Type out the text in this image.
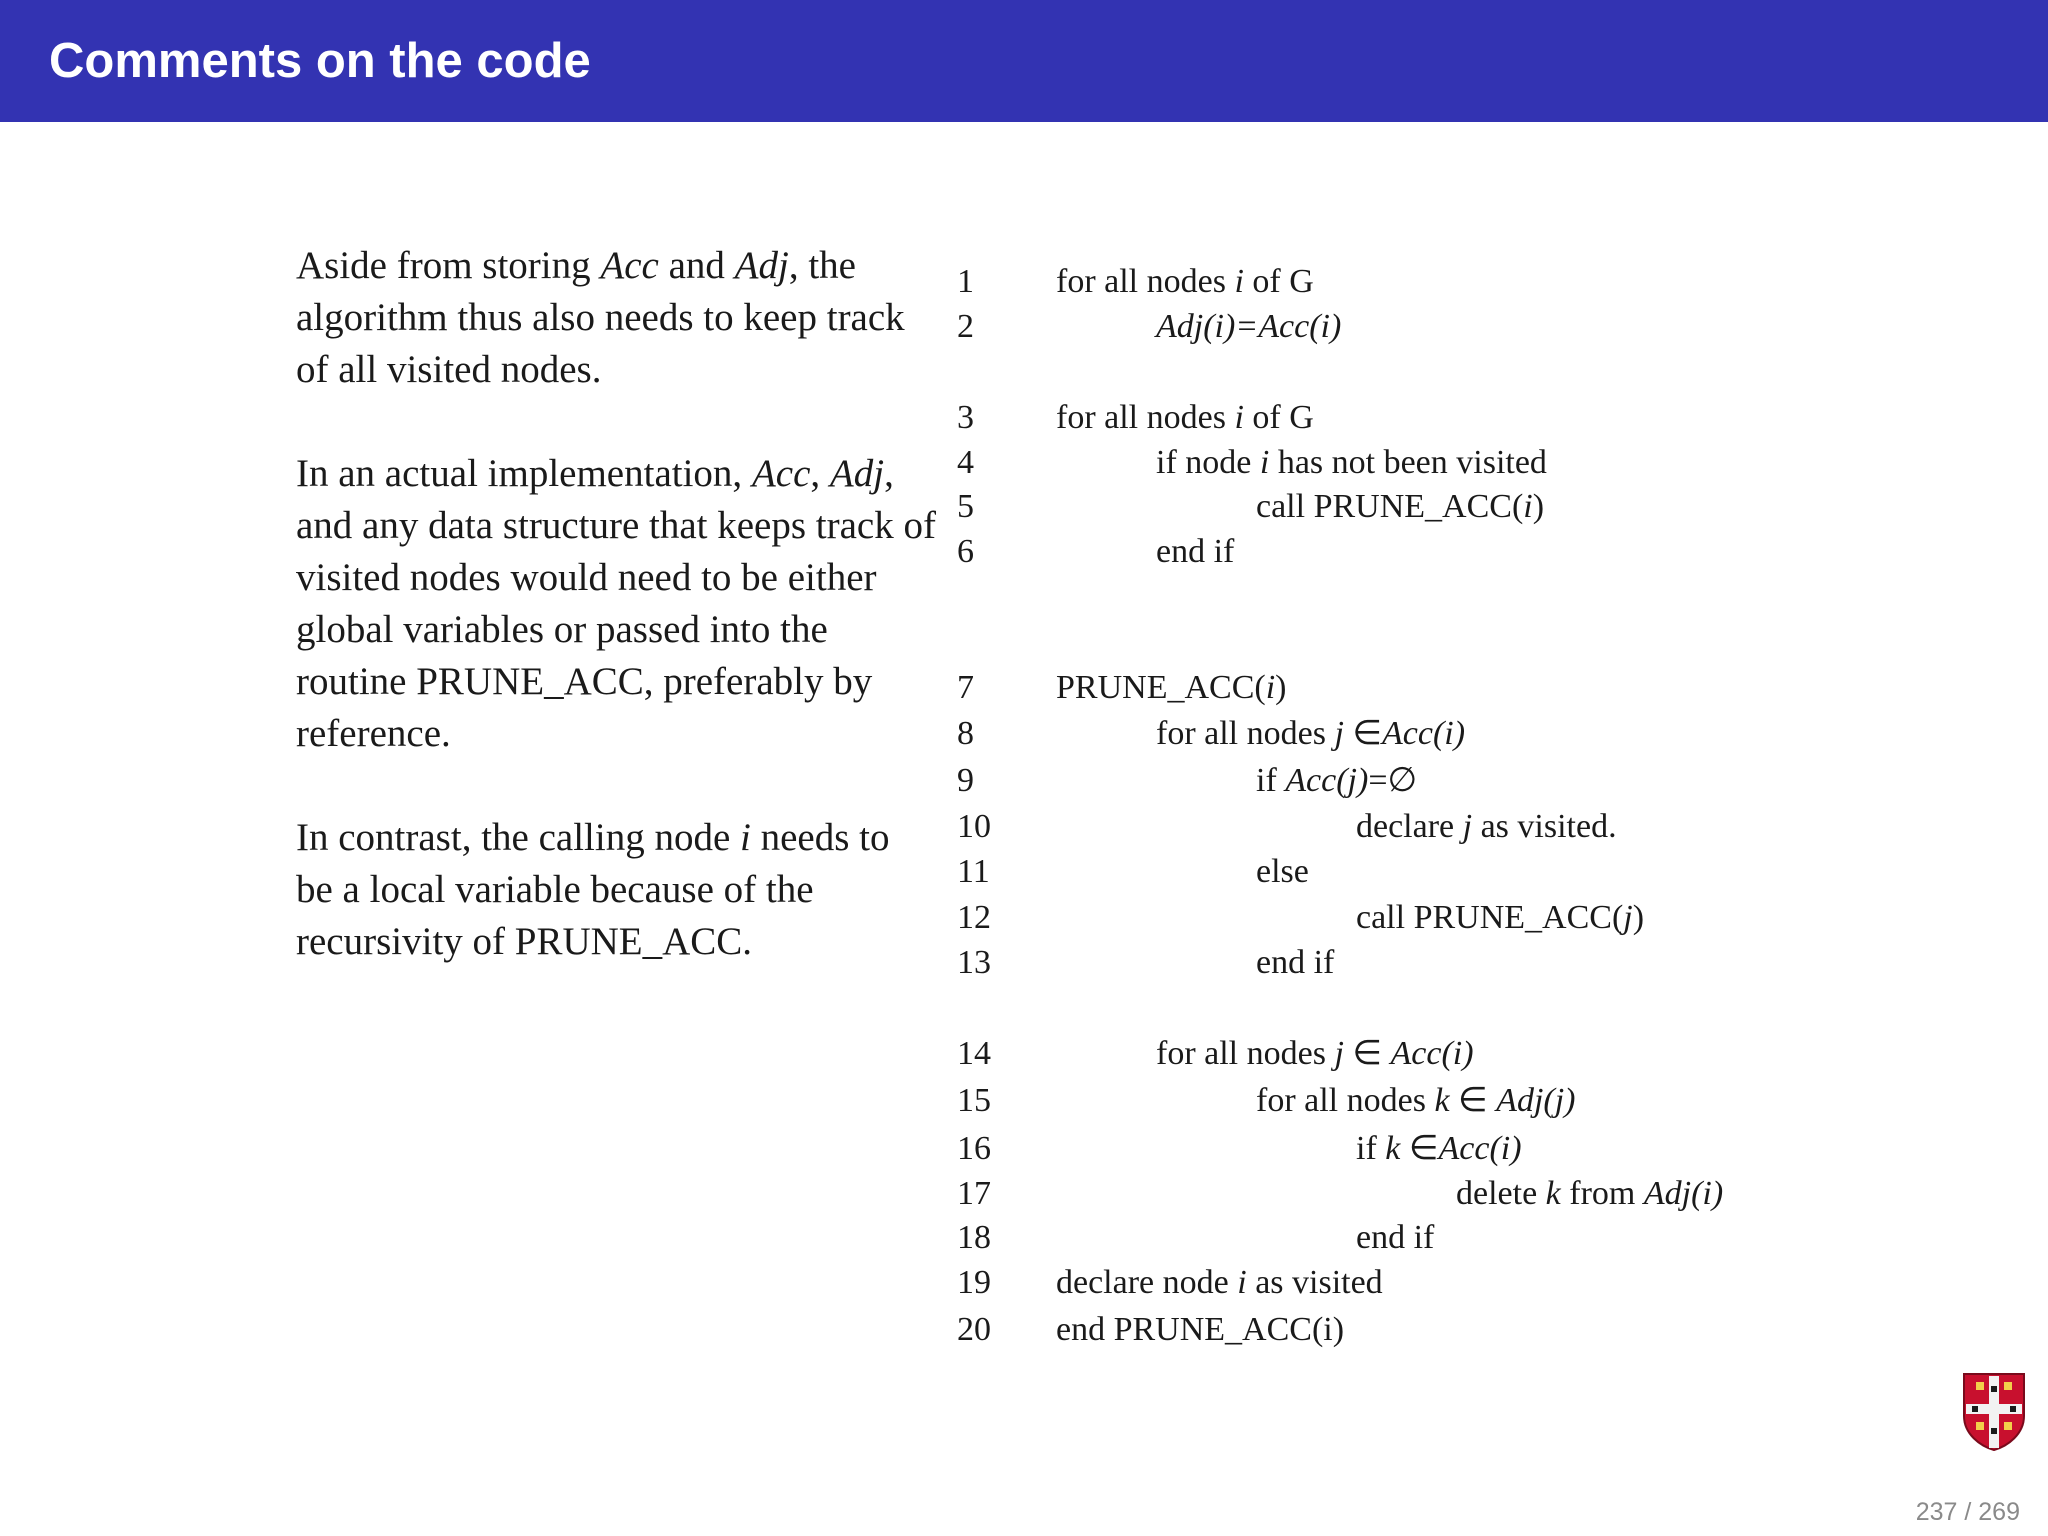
Comments on the code

Aside from storing Acc and Adj, the algorithm thus also needs to keep track of all visited nodes.

In an actual implementation, Acc, Adj, and any data structure that keeps track of visited nodes would need to be either global variables or passed into the routine PRUNE_ACC, preferably by reference.

In contrast, the calling node i needs to be a local variable because of the recursivity of PRUNE_ACC.

1 for all nodes i of G
2	Adj(i)=Acc(i)
3 for all nodes i of G
4	if node i has not been visited
5	call PRUNE_ACC(i)
6	end if
7 PRUNE_ACC(i)
8	for all nodes j ∈Acc(i)
9	if Acc(j)=∅
10	declare j as visited.
11	else
12	call PRUNE_ACC(j)
13	end if
14	for all nodes j ∈ Acc(i)
15	for all nodes k ∈ Adj(j)
16	if k ∈Acc(i)
17	delete k from Adj(i)
18	end if
19 declare node i as visited
20 end PRUNE_ACC(i)
237 / 269
